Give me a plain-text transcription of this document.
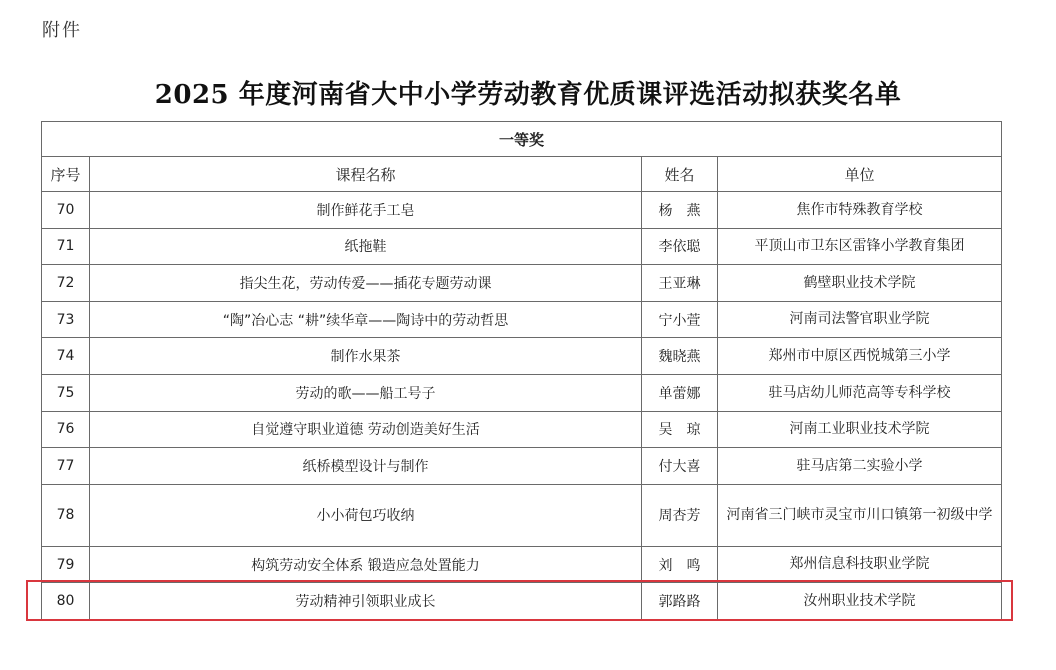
附件
2025 年度河南省大中小学劳动教育优质课评选活动拟获奖名单
一等奖			
序号	课程名称	姓名	单位
70	制作鲜花手工皂	杨　燕	焦作市特殊教育学校
71	纸拖鞋	李依聪	平顶山市卫东区雷锋小学教育集团
72	指尖生花，劳动传爱——插花专题劳动课	王亚琳	鹤壁职业技术学院
73	“陶”冶心志 “耕”续华章——陶诗中的劳动哲思	宁小萱	河南司法警官职业学院
74	制作水果茶	魏晓燕	郑州市中原区西悦城第三小学
75	劳动的歌——船工号子	单蕾娜	驻马店幼儿师范高等专科学校
76	自觉遵守职业道德 劳动创造美好生活	吴　琼	河南工业职业技术学院
77	纸桥模型设计与制作	付大喜	驻马店第二实验小学
78	小小荷包巧收纳	周杏芳	河南省三门峡市灵宝市川口镇第一初级中学
79	构筑劳动安全体系 锻造应急处置能力	刘　鸣	郑州信息科技职业学院
80	劳动精神引领职业成长	郭路路	汝州职业技术学院
